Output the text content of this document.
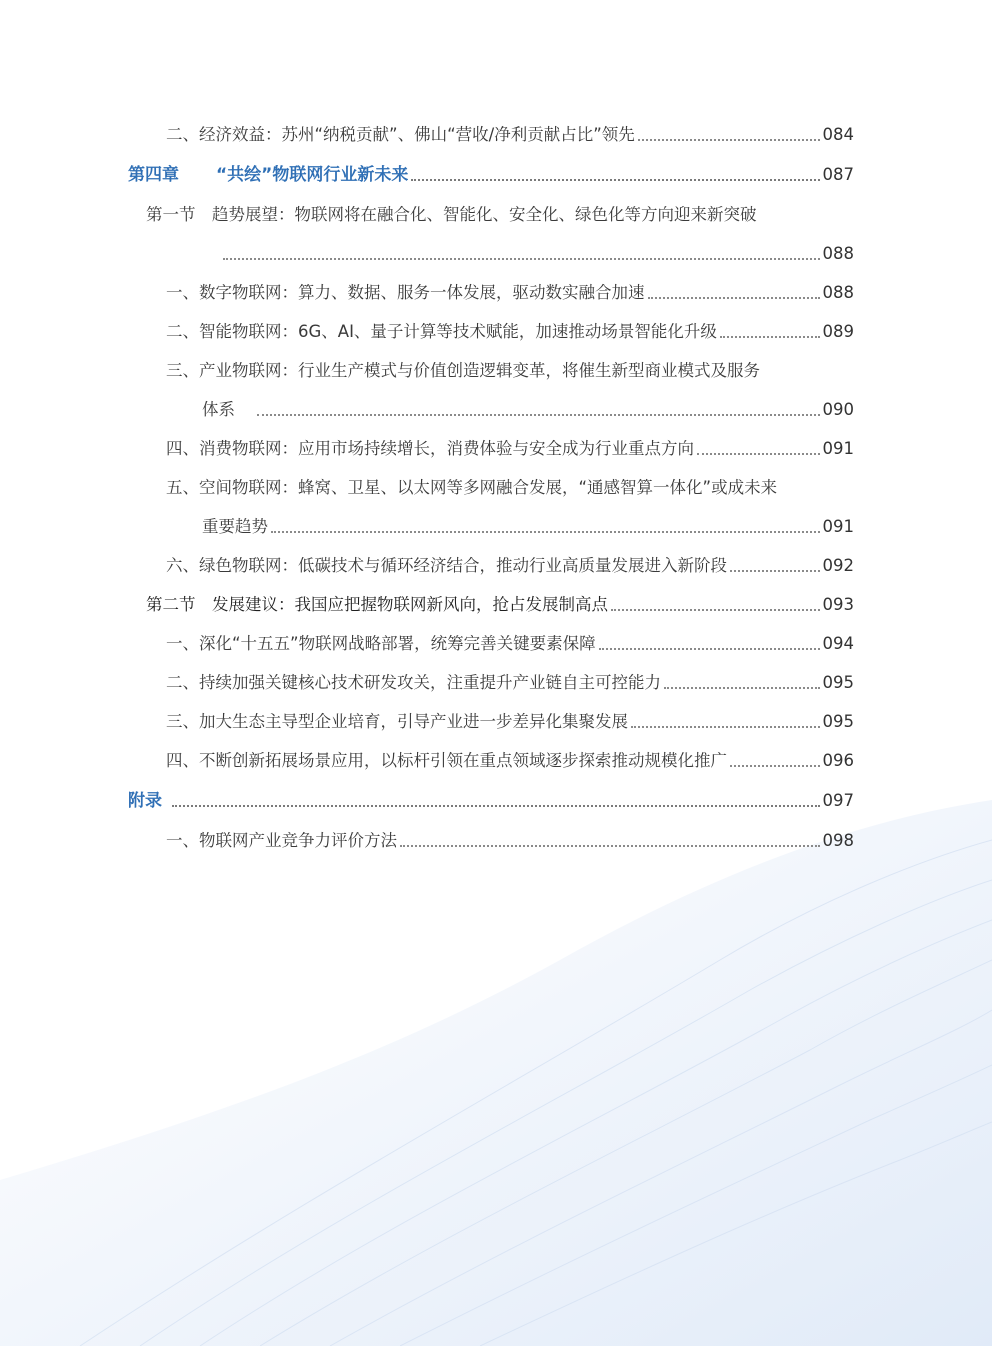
二、经济效益：苏州“纳税贡献”、佛山“营收/净利贡献占比”领先	084
第四章	“共绘”物联网行业新未来	087
第一节　趋势展望：物联网将在融合化、智能化、安全化、绿色化等方向迎来新突破
088
一、数字物联网：算力、数据、服务一体发展，驱动数实融合加速	088
二、智能物联网：6G、AI、量子计算等技术赋能，加速推动场景智能化升级	089
三、产业物联网：行业生产模式与价值创造逻辑变革，将催生新型商业模式及服务
体系	090
四、消费物联网：应用市场持续增长，消费体验与安全成为行业重点方向	091
五、空间物联网：蜂窝、卫星、以太网等多网融合发展，“通感智算一体化”或成未来
重要趋势	091
六、绿色物联网：低碳技术与循环经济结合，推动行业高质量发展进入新阶段	092
第二节　发展建议：我国应把握物联网新风向，抢占发展制高点	093
一、深化“十五五”物联网战略部署，统筹完善关键要素保障	094
二、持续加强关键核心技术研发攻关，注重提升产业链自主可控能力	095
三、加大生态主导型企业培育，引导产业进一步差异化集聚发展	095
四、不断创新拓展场景应用，以标杆引领在重点领域逐步探索推动规模化推广	096
附录	097
一、物联网产业竞争力评价方法	098
